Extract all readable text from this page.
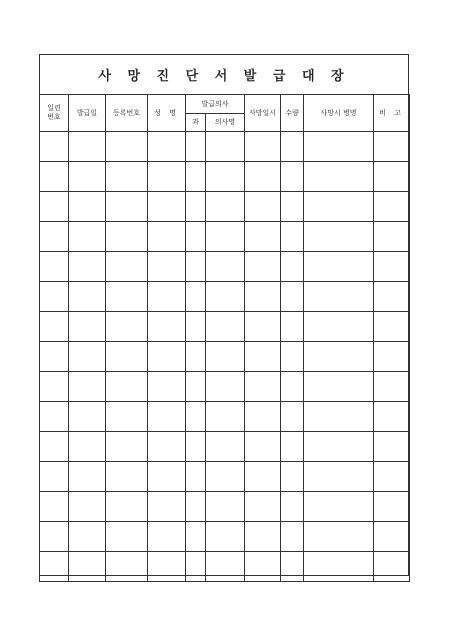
사 망 진 단 서 발 급 대 장
일련
번호	발급일	등록번호	성 명	발급의사		사망일시	수량	사망시 병명	비 고
				과	의사명				
